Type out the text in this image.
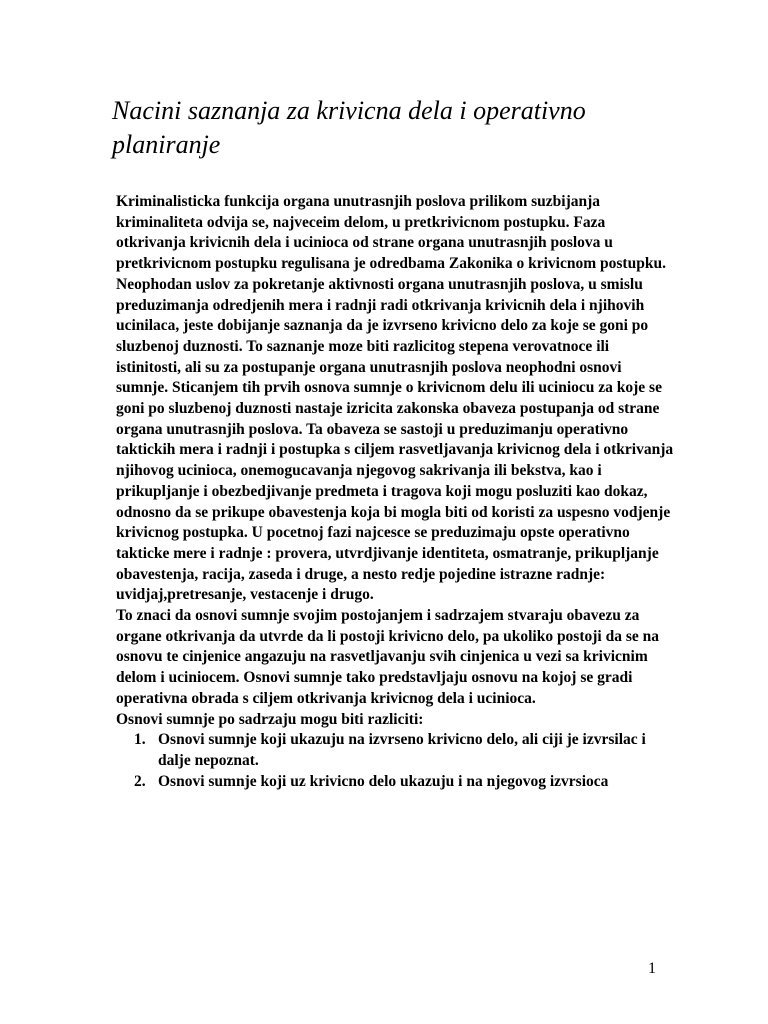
Nacini saznanja za krivicna dela i operativno planiranje

Kriminalisticka funkcija organa unutrasnjih poslova prilikom suzbijanja kriminaliteta odvija se, najveceim delom, u pretkrivicnom postupku. Faza otkrivanja krivicnih dela i ucinioca od strane organa unutrasnjih poslova u pretkrivicnom postupku regulisana je odredbama Zakonika o krivicnom postupku.

Neophodan uslov za pokretanje aktivnosti organa unutrasnjih poslova, u smislu preduzimanja odredjenih mera i radnji radi otkrivanja krivicnih dela i njihovih ucinilaca, jeste dobijanje saznanja da je izvrseno krivicno delo za koje se goni po sluzbenoj duznosti. To saznanje moze biti razlicitog stepena verovatnoce ili istinitosti, ali su za postupanje organa unutrasnjih poslova neophodni osnovi sumnje. Sticanjem tih prvih osnova sumnje o krivicnom delu ili uciniocu za koje se goni po sluzbenoj duznosti nastaje izricita zakonska obaveza postupanja od strane organa unutrasnjih poslova. Ta obaveza se sastoji u preduzimanju operativno taktickih mera i radnji i postupka s ciljem rasvetljavanja krivicnog dela i otkrivanja njihovog ucinioca, onemogucavanja njegovog sakrivanja ili bekstva, kao i prikupljanje i obezbedjivanje predmeta i tragova koji mogu posluziti kao dokaz, odnosno da se prikupe obavestenja koja bi mogla biti od koristi za uspesno vodjenje krivicnog postupka. U pocetnoj fazi najcesce se preduzimaju opste operativno takticke mere i radnje : provera, utvrdjivanje identiteta, osmatranje, prikupljanje obavestenja, racija, zaseda i druge, a nesto redje pojedine istrazne radnje: uvidjaj,pretresanje, vestacenje i drugo.

To znaci da osnovi sumnje svojim postojanjem i sadrzajem stvaraju obavezu za organe otkrivanja da utvrde da li postoji krivicno delo, pa ukoliko postoji da se na osnovu te cinjenice angazuju na rasvetljavanju svih cinjenica u vezi sa krivicnim delom i uciniocem. Osnovi sumnje tako predstavljaju osnovu na kojoj se gradi operativna obrada s ciljem otkrivanja krivicnog dela i ucinioca.

Osnovi sumnje po sadrzaju mogu biti razliciti:

1. Osnovi sumnje koji ukazuju na izvrseno krivicno delo, ali ciji je izvrsilac i dalje nepoznat.
2. Osnovi sumnje koji uz krivicno delo ukazuju i na njegovog izvrsioca
1
